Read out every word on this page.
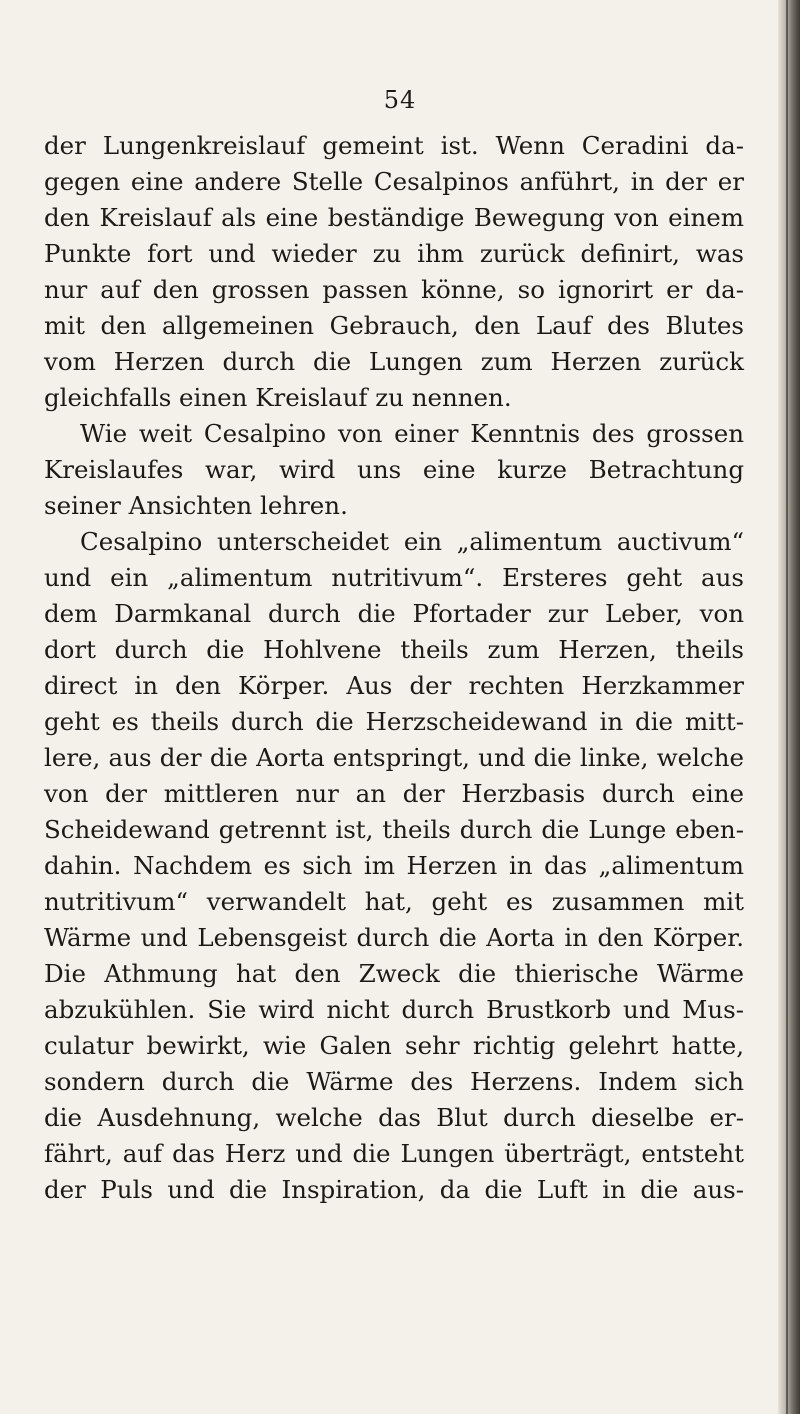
54
der Lungenkreislauf gemeint ist. Wenn Ceradini da-
gegen eine andere Stelle Cesalpinos anführt, in der er
den Kreislauf als eine beständige Bewegung von einem
Punkte fort und wieder zu ihm zurück definirt, was
nur auf den grossen passen könne, so ignorirt er da-
mit den allgemeinen Gebrauch, den Lauf des Blutes
vom Herzen durch die Lungen zum Herzen zurück
gleichfalls einen Kreislauf zu nennen.
Wie weit Cesalpino von einer Kenntnis des grossen
Kreislaufes war, wird uns eine kurze Betrachtung
seiner Ansichten lehren.
Cesalpino unterscheidet ein „alimentum auctivum“
und ein „alimentum nutritivum“. Ersteres geht aus
dem Darmkanal durch die Pfortader zur Leber, von
dort durch die Hohlvene theils zum Herzen, theils
direct in den Körper. Aus der rechten Herzkammer
geht es theils durch die Herzscheidewand in die mitt-
lere, aus der die Aorta entspringt, und die linke, welche
von der mittleren nur an der Herzbasis durch eine
Scheidewand getrennt ist, theils durch die Lunge eben-
dahin. Nachdem es sich im Herzen in das „alimentum
nutritivum“ verwandelt hat, geht es zusammen mit
Wärme und Lebensgeist durch die Aorta in den Körper.
Die Athmung hat den Zweck die thierische Wärme
abzukühlen. Sie wird nicht durch Brustkorb und Mus-
culatur bewirkt, wie Galen sehr richtig gelehrt hatte,
sondern durch die Wärme des Herzens. Indem sich
die Ausdehnung, welche das Blut durch dieselbe er-
fährt, auf das Herz und die Lungen überträgt, entsteht
der Puls und die Inspiration, da die Luft in die aus-
